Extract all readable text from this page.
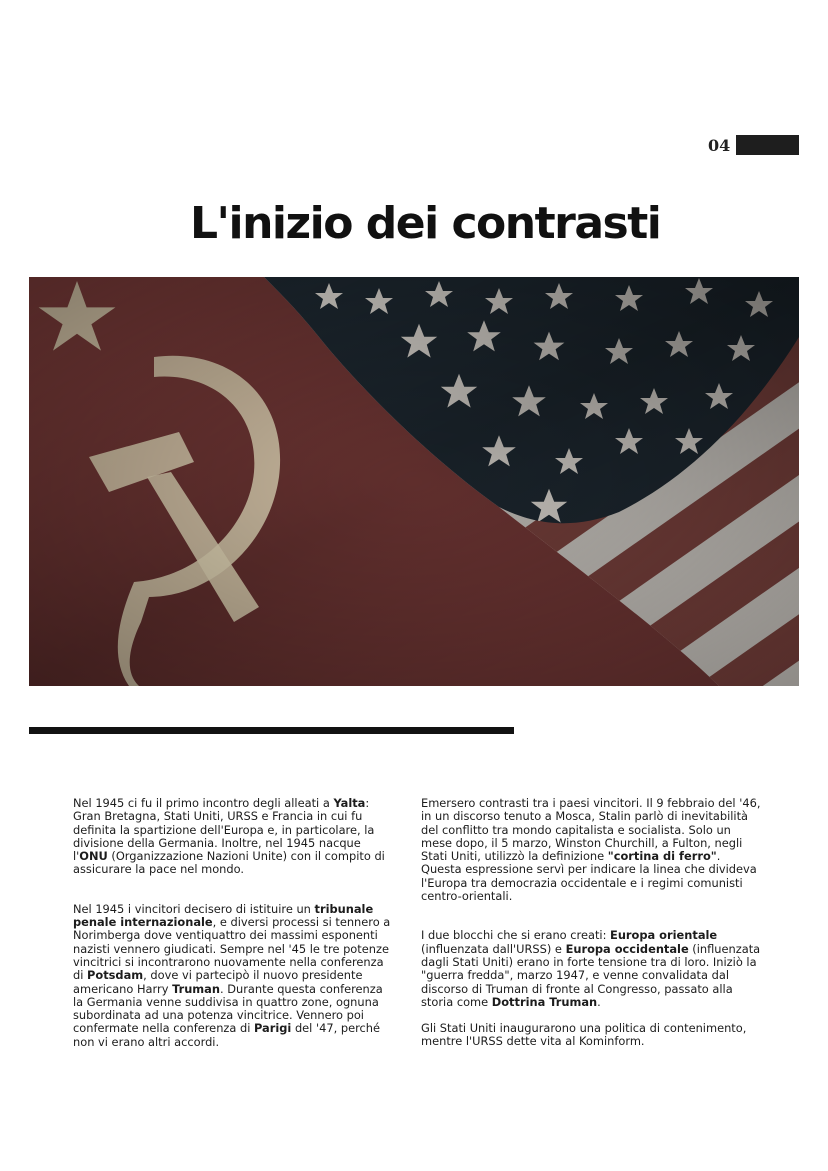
04
L'inizio dei contrasti

Nel 1945 ci fu il primo incontro degli alleati a Yalta: Gran Bretagna, Stati Uniti, URSS e Francia in cui fu definita la spartizione dell'Europa e, in particolare, la divisione della Germania. Inoltre, nel 1945 nacque l'ONU (Organizzazione Nazioni Unite) con il compito di assicurare la pace nel mondo.

Nel 1945 i vincitori decisero di istituire un tribunale penale internazionale, e diversi processi si tennero a Norimberga dove ventiquattro dei massimi esponenti nazisti vennero giudicati. Sempre nel '45 le tre potenze vincitrici si incontrarono nuovamente nella conferenza di Potsdam, dove vi partecipò il nuovo presidente americano Harry Truman. Durante questa conferenza la Germania venne suddivisa in quattro zone, ognuna subordinata ad una potenza vincitrice. Vennero poi confermate nella conferenza di Parigi del '47, perché non vi erano altri accordi.

Emersero contrasti tra i paesi vincitori. Il 9 febbraio del '46, in un discorso tenuto a Mosca, Stalin parlò di inevitabilità del conflitto tra mondo capitalista e socialista. Solo un mese dopo, il 5 marzo, Winston Churchill, a Fulton, negli Stati Uniti, utilizzò la definizione "cortina di ferro". Questa espressione servì per indicare la linea che divideva l'Europa tra democrazia occidentale e i regimi comunisti centro-orientali.

I due blocchi che si erano creati: Europa orientale (influenzata dall'URSS) e Europa occidentale (influenzata dagli Stati Uniti) erano in forte tensione tra di loro. Iniziò la "guerra fredda", marzo 1947, e venne convalidata dal discorso di Truman di fronte al Congresso, passato alla storia come Dottrina Truman.

Gli Stati Uniti inaugurarono una politica di contenimento, mentre l'URSS dette vita al Kominform.
